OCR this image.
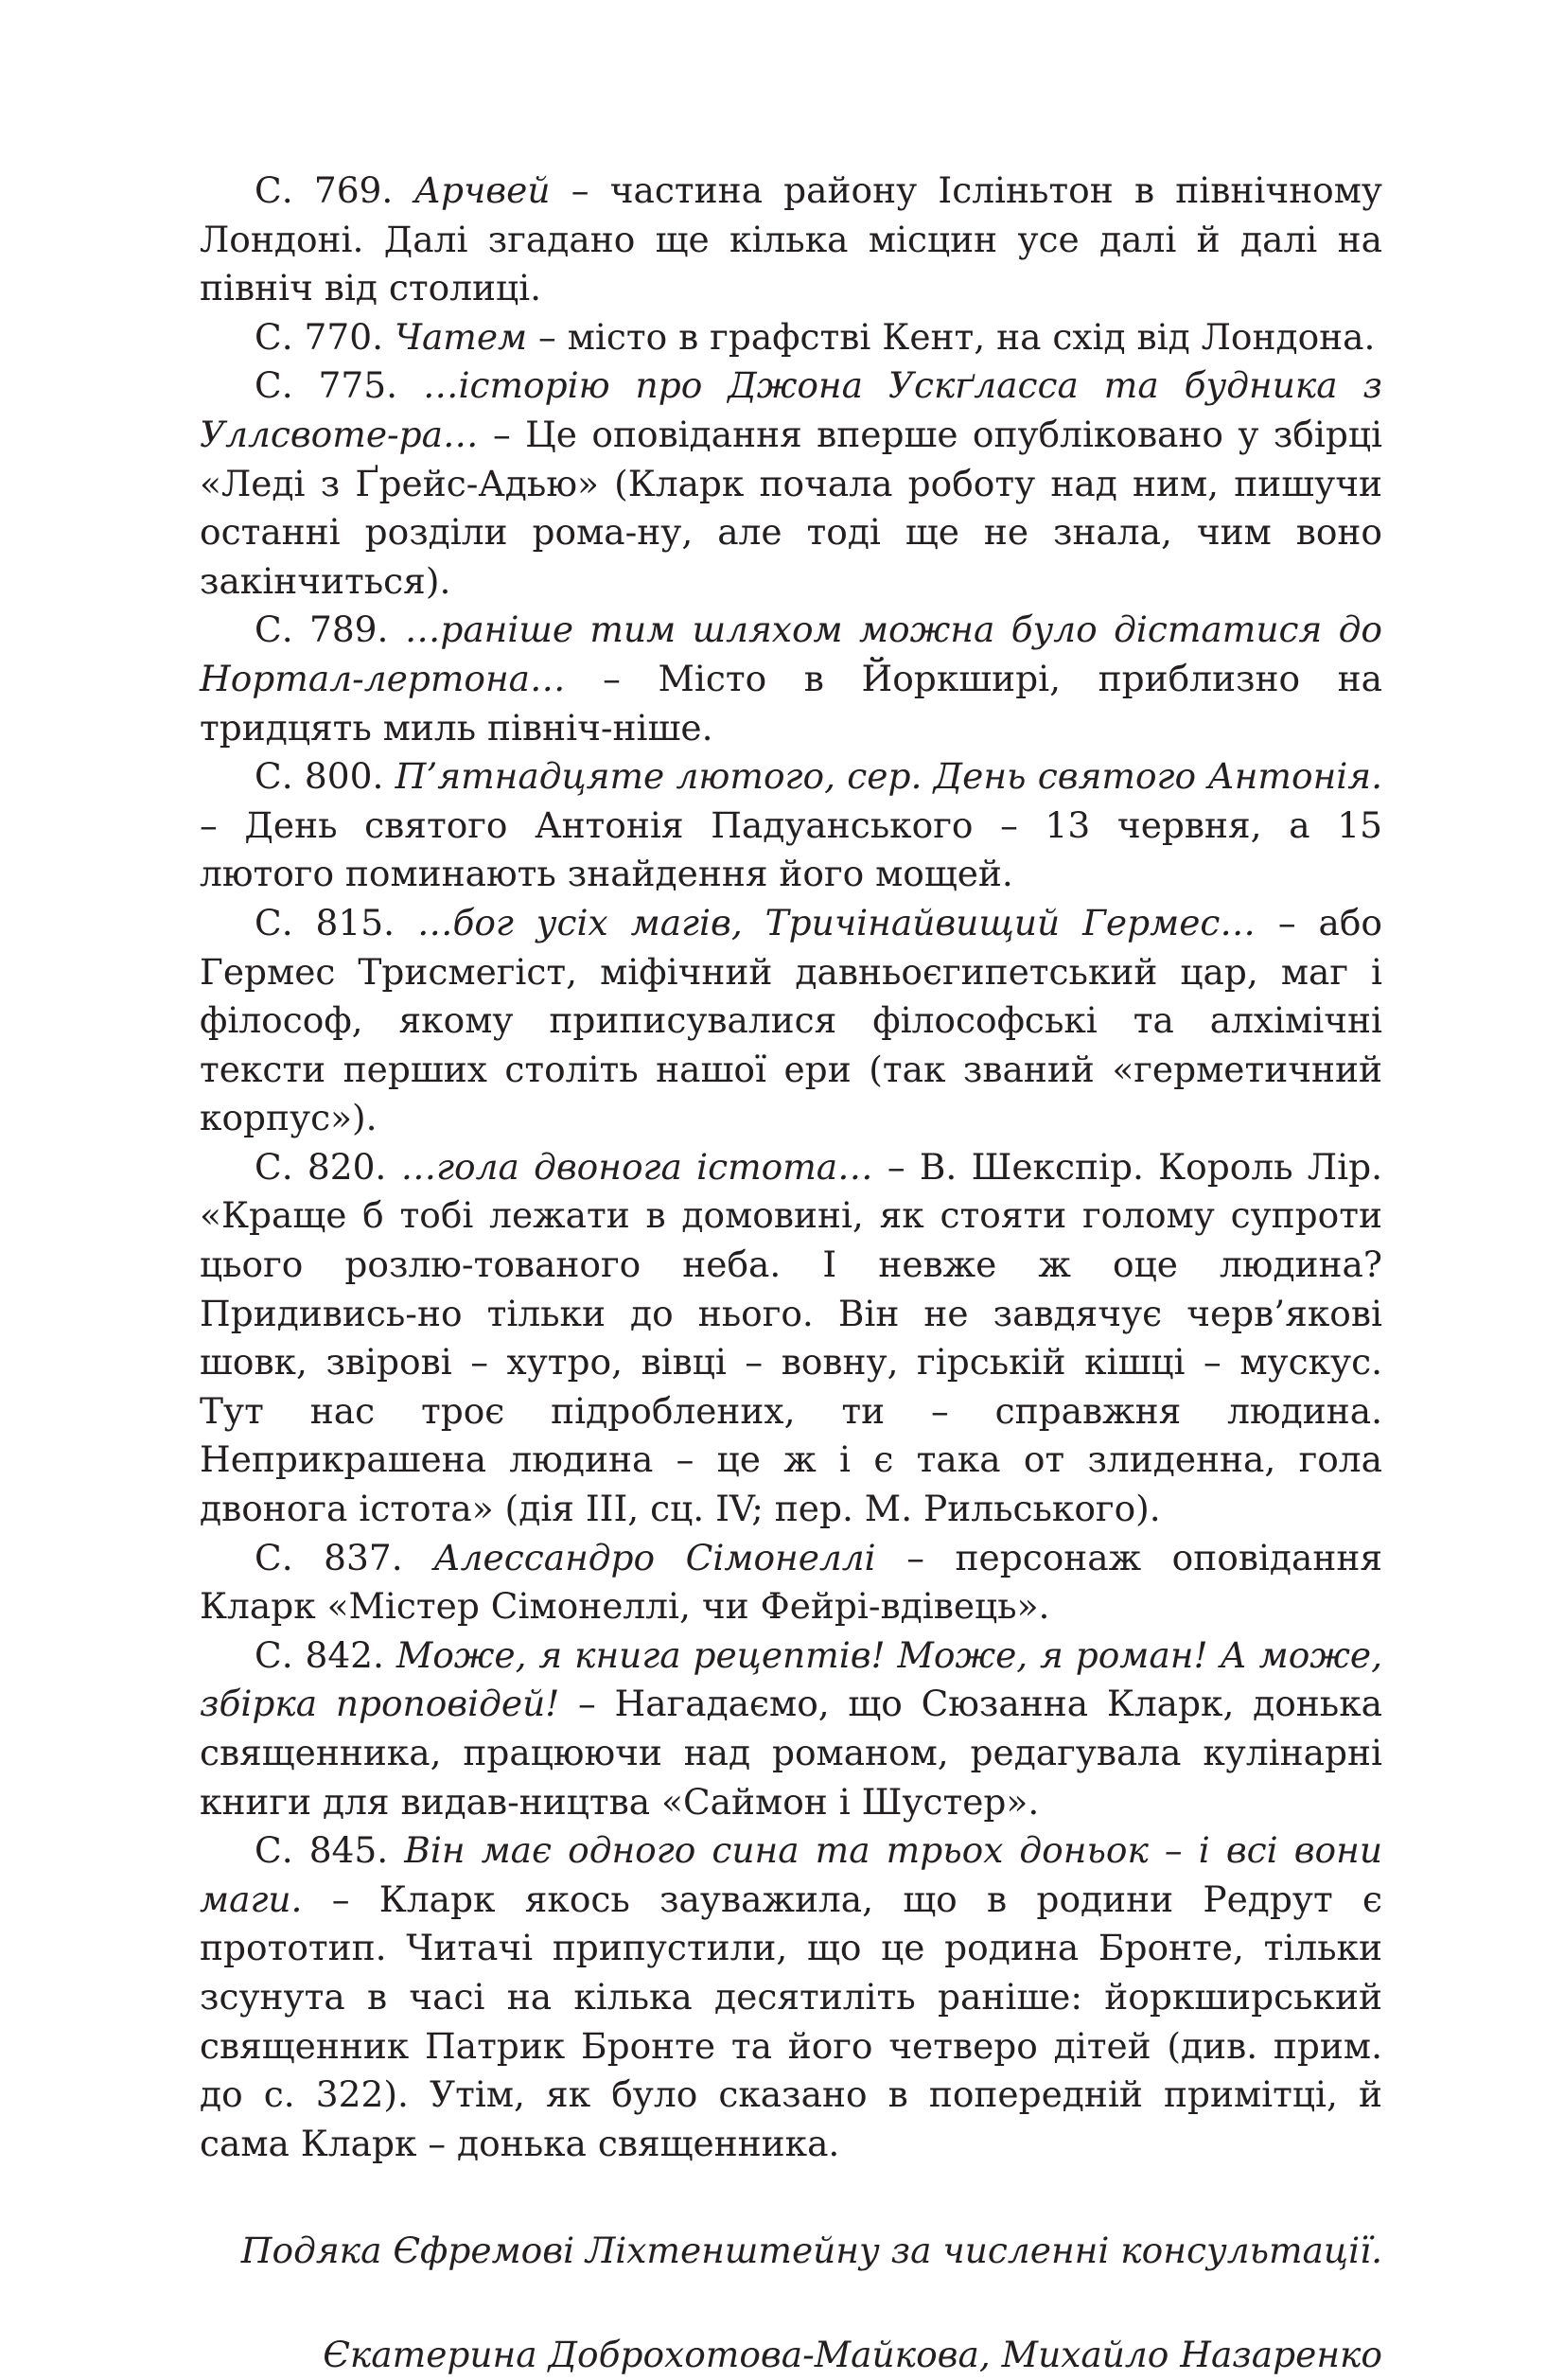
С. 769. Арчвей – частина району Ісліньтон в північному Лондоні. Далі згадано ще кілька місцин усе далі й далі на північ від столиці.

С. 770. Чатем – місто в графстві Кент, на схід від Лондона.

С. 775. …історію про Джона Ускґласса та будника з Уллсвоте-ра… – Це оповідання вперше опубліковано у збірці «Леді з Ґрейс-Адью» (Кларк почала роботу над ним, пишучи останні розділи рома-ну, але тоді ще не знала, чим воно закінчиться).

С. 789. …раніше тим шляхом можна було дістатися до Нортал-лертона… – Місто в Йоркширі, приблизно на тридцять миль північ-ніше.

С. 800. П’ятнадцяте лютого, сер. День святого Антонія. – День святого Антонія Падуанського – 13 червня, а 15 лютого поминають знайдення його мощей.

С. 815. …бог усіх магів, Тричінайвищий Гермес… – або Гермес Трисмегіст, міфічний давньоєгипетський цар, маг і філософ, якому приписувалися філософські та алхімічні тексти перших століть нашої ери (так званий «герметичний корпус»).

С. 820. …гола двонога істота… – В. Шекспір. Король Лір. «Краще б тобі лежати в домовині, як стояти голому супроти цього розлю-тованого неба. І невже ж оце людина? Придивись-но тільки до нього. Він не завдячує черв’якові шовк, звірові – хутро, вівці – вовну, гірській кішці – мускус. Тут нас троє підроблених, ти – справжня людина. Неприкрашена людина – це ж і є така от злиденна, гола двонога істота» (дія ІІІ, сц. IV; пер. М. Рильського).

С. 837. Алессандро Сімонеллі – персонаж оповідання Кларк «Містер Сімонеллі, чи Фейрі-вдівець».

С. 842. Може, я книга рецептів! Може, я роман! А може, збірка проповідей! – Нагадаємо, що Сюзанна Кларк, донька священника, працюючи над романом, редагувала кулінарні книги для видав-ництва «Саймон і Шустер».

С. 845. Він має одного сина та трьох доньок – і всі вони маги. – Кларк якось зауважила, що в родини Редрут є прототип. Читачі припустили, що це родина Бронте, тільки зсунута в часі на кілька десятиліть раніше: йоркширський священник Патрик Бронте та його четверо дітей (див. прим. до с. 322). Утім, як було сказано в попередній примітці, й сама Кларк – донька священника.

Подяка Єфремові Ліхтенштейну за численні консультації.

Єкатерина Доброхотова-Майкова, Михайло Назаренко
